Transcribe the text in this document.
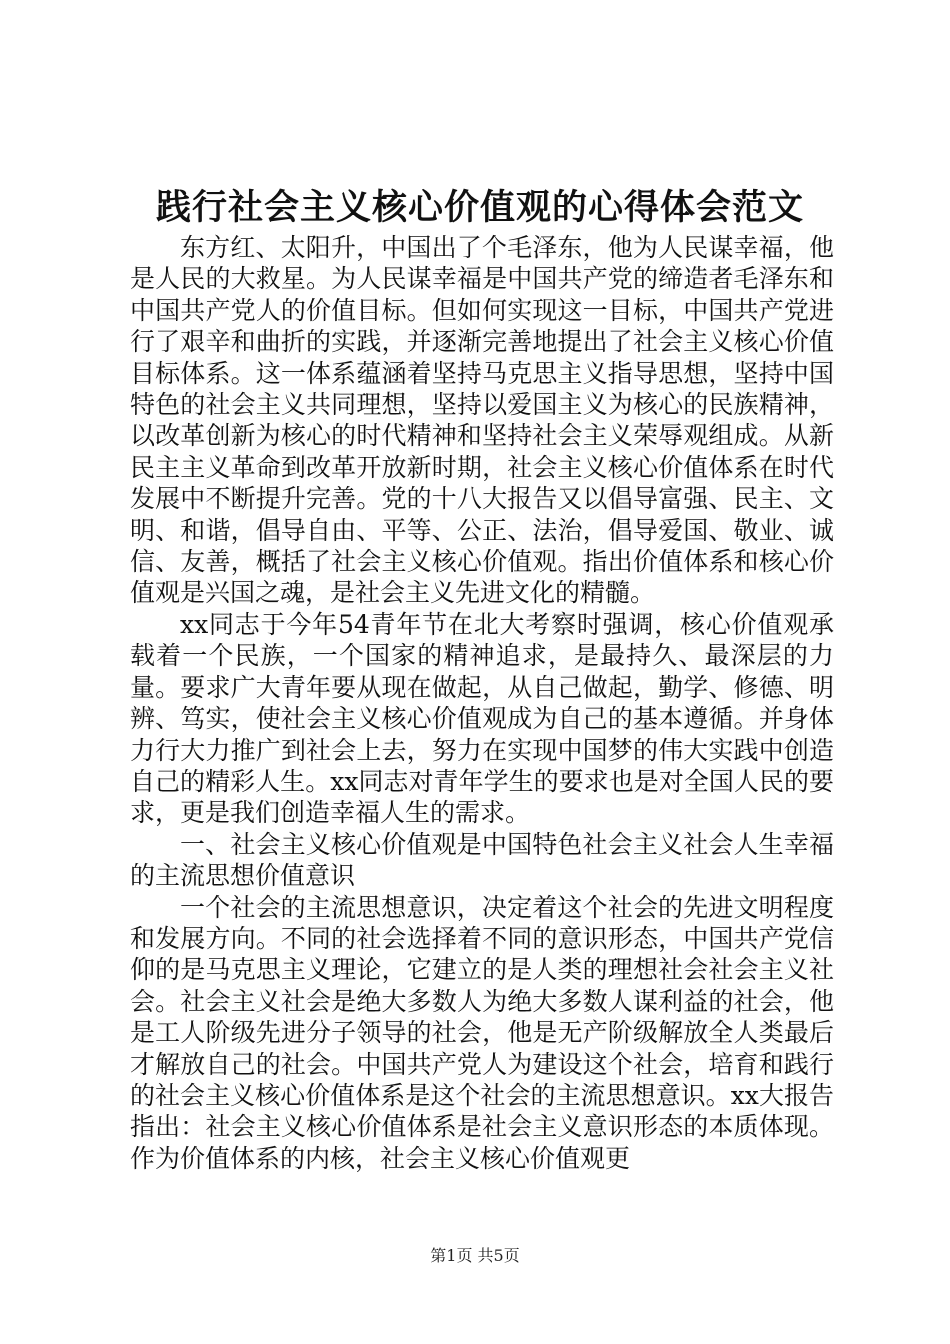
践行社会主义核心价值观的心得体会范文

东方红、太阳升，中国出了个毛泽东，他为人民谋幸福，他是人民的大救星。为人民谋幸福是中国共产党的缔造者毛泽东和中国共产党人的价值目标。但如何实现这一目标，中国共产党进行了艰辛和曲折的实践，并逐渐完善地提出了社会主义核心价值目标体系。这一体系蕴涵着坚持马克思主义指导思想，坚持中国特色的社会主义共同理想，坚持以爱国主义为核心的民族精神，以改革创新为核心的时代精神和坚持社会主义荣辱观组成。从新民主主义革命到改革开放新时期，社会主义核心价值体系在时代发展中不断提升完善。党的十八大报告又以倡导富强、民主、文明、和谐，倡导自由、平等、公正、法治，倡导爱国、敬业、诚信、友善，概括了社会主义核心价值观。指出价值体系和核心价值观是兴国之魂，是社会主义先进文化的精髓。

xx同志于今年54青年节在北大考察时强调，核心价值观承载着一个民族，一个国家的精神追求，是最持久、最深层的力量。要求广大青年要从现在做起，从自己做起，勤学、修德、明辨、笃实，使社会主义核心价值观成为自己的基本遵循。并身体力行大力推广到社会上去，努力在实现中国梦的伟大实践中创造自己的精彩人生。xx同志对青年学生的要求也是对全国人民的要求，更是我们创造幸福人生的需求。

一、社会主义核心价值观是中国特色社会主义社会人生幸福的主流思想价值意识

一个社会的主流思想意识，决定着这个社会的先进文明程度和发展方向。不同的社会选择着不同的意识形态，中国共产党信仰的是马克思主义理论，它建立的是人类的理想社会社会主义社会。社会主义社会是绝大多数人为绝大多数人谋利益的社会，他是工人阶级先进分子领导的社会，他是无产阶级解放全人类最后才解放自己的社会。中国共产党人为建设这个社会，培育和践行的社会主义核心价值体系是这个社会的主流思想意识。xx大报告指出：社会主义核心价值体系是社会主义意识形态的本质体现。作为价值体系的内核，社会主义核心价值观更

第1页 共5页
